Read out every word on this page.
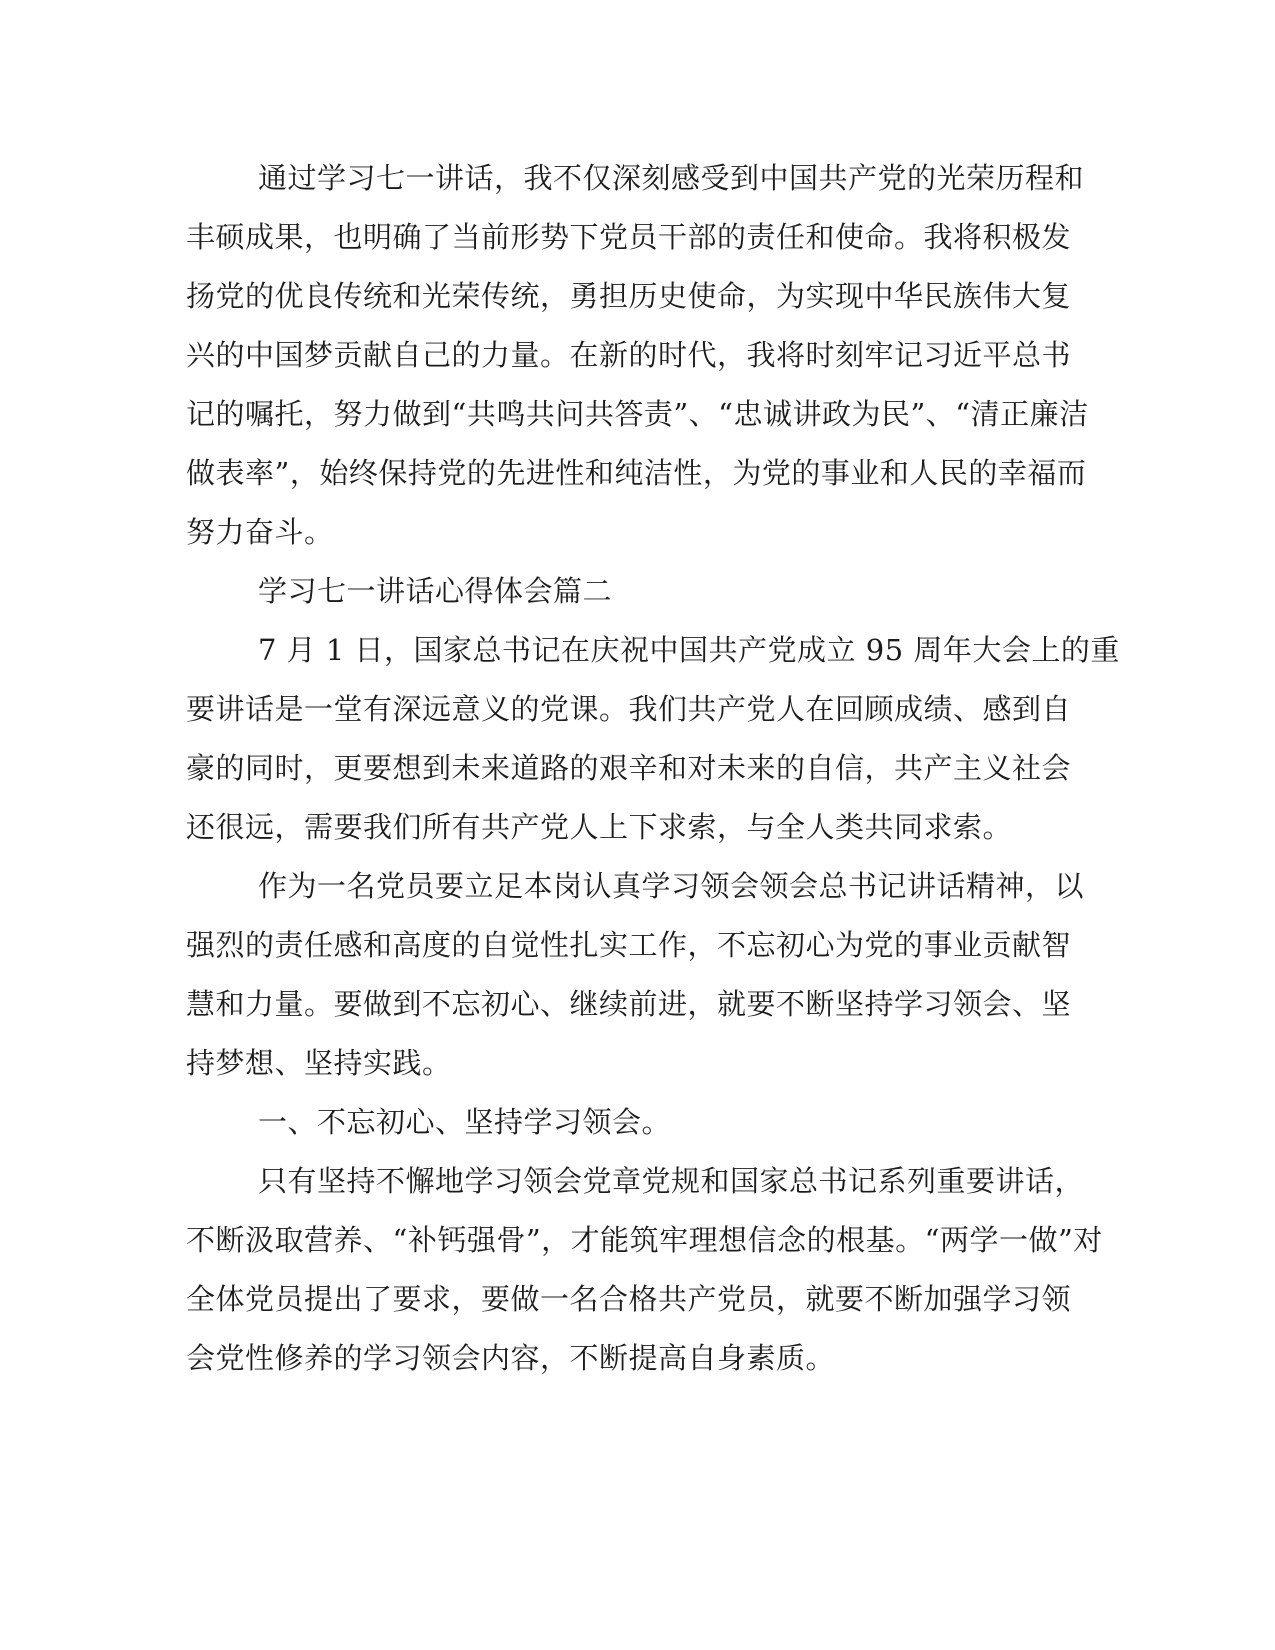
通过学习七一讲话，我不仅深刻感受到中国共产党的光荣历程和
丰硕成果，也明确了当前形势下党员干部的责任和使命。我将积极发
扬党的优良传统和光荣传统，勇担历史使命，为实现中华民族伟大复
兴的中国梦贡献自己的力量。在新的时代，我将时刻牢记习近平总书
记的嘱托，努力做到“共鸣共问共答责”、“忠诚讲政为民”、“清正廉洁
做表率”，始终保持党的先进性和纯洁性，为党的事业和人民的幸福而
努力奋斗。
学习七一讲话心得体会篇二
7 月 1 日，国家总书记在庆祝中国共产党成立 95 周年大会上的重
要讲话是一堂有深远意义的党课。我们共产党人在回顾成绩、感到自
豪的同时，更要想到未来道路的艰辛和对未来的自信，共产主义社会
还很远，需要我们所有共产党人上下求索，与全人类共同求索。
作为一名党员要立足本岗认真学习领会领会总书记讲话精神，以
强烈的责任感和高度的自觉性扎实工作，不忘初心为党的事业贡献智
慧和力量。要做到不忘初心、继续前进，就要不断坚持学习领会、坚
持梦想、坚持实践。
一、不忘初心、坚持学习领会。
只有坚持不懈地学习领会党章党规和国家总书记系列重要讲话，
不断汲取营养、“补钙强骨”，才能筑牢理想信念的根基。“两学一做”对
全体党员提出了要求，要做一名合格共产党员，就要不断加强学习领
会党性修养的学习领会内容，不断提高自身素质。
